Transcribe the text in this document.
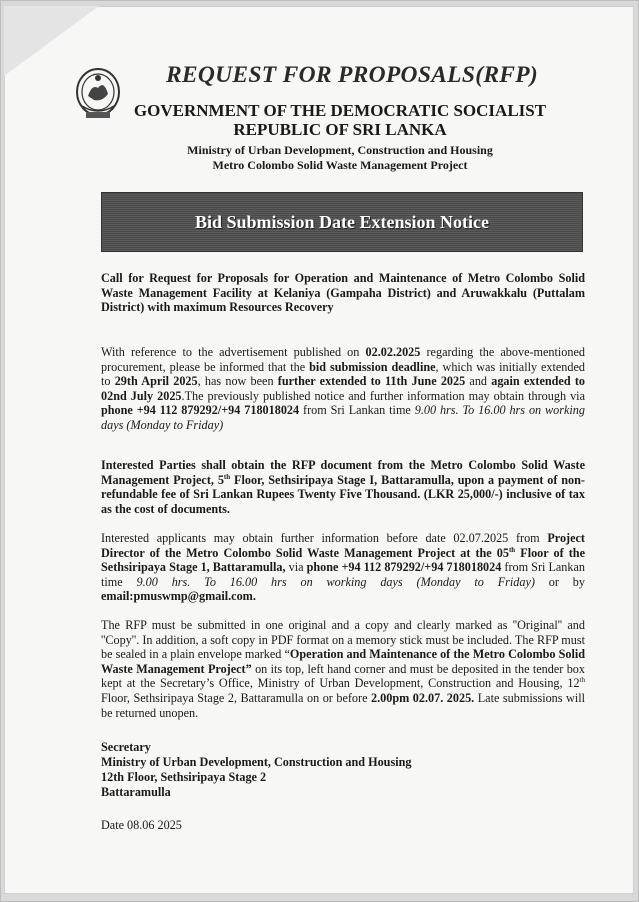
REQUEST FOR PROPOSALS(RFP)
GOVERNMENT OF THE DEMOCRATIC SOCIALIST
REPUBLIC OF SRI LANKA
Ministry of Urban Development, Construction and Housing
Metro Colombo Solid Waste Management Project
Bid Submission Date Extension Notice
Call for Request for Proposals for Operation and Maintenance of Metro Colombo Solid Waste Management Facility at Kelaniya (Gampaha District) and Aruwakkalu (Puttalam District) with maximum Resources Recovery
With reference to the advertisement published on 02.02.2025 regarding the above-mentioned procurement, please be informed that the bid submission deadline, which was initially extended to 29th April 2025, has now been further extended to 11th June 2025 and again extended to 02nd July 2025.The previously published notice and further information may obtain through via phone +94 112 879292/+94 718018024 from Sri Lankan time 9.00 hrs. To 16.00 hrs on working days (Monday to Friday)
Interested Parties shall obtain the RFP document from the Metro Colombo Solid Waste Management Project, 5th Floor, Sethsiripaya Stage I, Battaramulla, upon a payment of non- refundable fee of Sri Lankan Rupees Twenty Five Thousand. (LKR 25,000/-) inclusive of tax as the cost of documents.
Interested applicants may obtain further information before date 02.07.2025 from Project Director of the Metro Colombo Solid Waste Management Project at the 05th Floor of the Sethsiripaya Stage 1, Battaramulla, via phone +94 112 879292/+94 718018024 from Sri Lankan time 9.00 hrs. To 16.00 hrs on working days (Monday to Friday) or by email:pmuswmp@gmail.com.
The RFP must be submitted in one original and a copy and clearly marked as ''Original'' and ''Copy''. In addition, a soft copy in PDF format on a memory stick must be included. The RFP must be sealed in a plain envelope marked “Operation and Maintenance of the Metro Colombo Solid Waste Management Project” on its top, left hand corner and must be deposited in the tender box kept at the Secretary’s Office, Ministry of Urban Development, Construction and Housing, 12th Floor, Sethsiripaya Stage 2, Battaramulla on or before 2.00pm 02.07. 2025. Late submissions will be returned unopen.
Secretary
Ministry of Urban Development, Construction and Housing
12th Floor, Sethsiripaya Stage 2
Battaramulla
Date 08.06 2025
